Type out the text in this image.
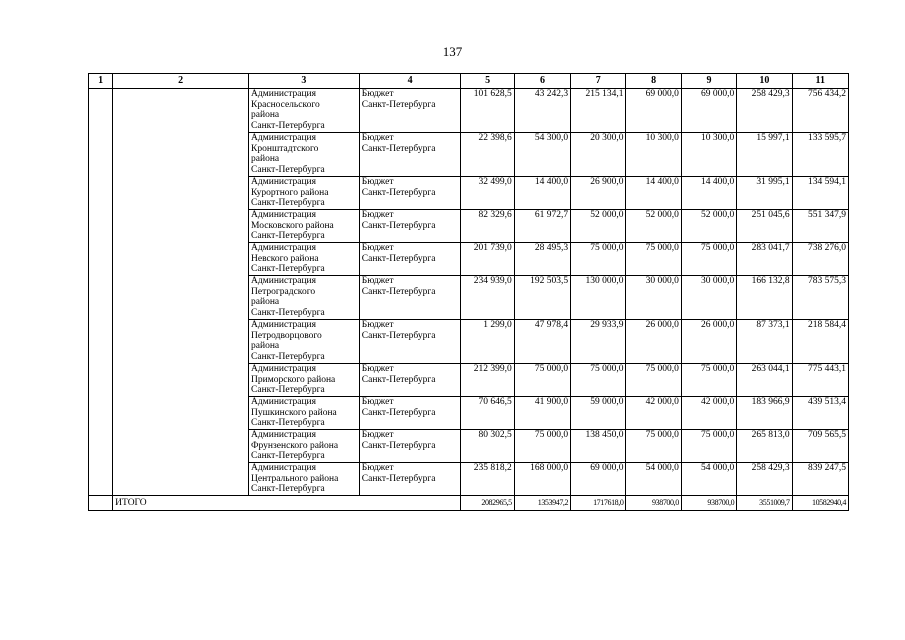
137
1	2	3	4	5	6	7	8	9	10	11
		Администрация
Красносельского
района
Санкт-Петербурга	Бюджет
Санкт-Петербурга	101 628,5	43 242,3	215 134,1	69 000,0	69 000,0	258 429,3	756 434,2
		Администрация
Кронштадтского
района
Санкт-Петербурга	Бюджет
Санкт-Петербурга	22 398,6	54 300,0	20 300,0	10 300,0	10 300,0	15 997,1	133 595,7
		Администрация
Курортного района
Санкт-Петербурга	Бюджет
Санкт-Петербурга	32 499,0	14 400,0	26 900,0	14 400,0	14 400,0	31 995,1	134 594,1
		Администрация
Московского района
Санкт-Петербурга	Бюджет
Санкт-Петербурга	82 329,6	61 972,7	52 000,0	52 000,0	52 000,0	251 045,6	551 347,9
		Администрация
Невского района
Санкт-Петербурга	Бюджет
Санкт-Петербурга	201 739,0	28 495,3	75 000,0	75 000,0	75 000,0	283 041,7	738 276,0
		Администрация
Петроградского
района
Санкт-Петербурга	Бюджет
Санкт-Петербурга	234 939,0	192 503,5	130 000,0	30 000,0	30 000,0	166 132,8	783 575,3
		Администрация
Петродворцового
района
Санкт-Петербурга	Бюджет
Санкт-Петербурга	1 299,0	47 978,4	29 933,9	26 000,0	26 000,0	87 373,1	218 584,4
		Администрация
Приморского района
Санкт-Петербурга	Бюджет
Санкт-Петербурга	212 399,0	75 000,0	75 000,0	75 000,0	75 000,0	263 044,1	775 443,1
		Администрация
Пушкинского района
Санкт-Петербурга	Бюджет
Санкт-Петербурга	70 646,5	41 900,0	59 000,0	42 000,0	42 000,0	183 966,9	439 513,4
		Администрация
Фрунзенского района
Санкт-Петербурга	Бюджет
Санкт-Петербурга	80 302,5	75 000,0	138 450,0	75 000,0	75 000,0	265 813,0	709 565,5
		Администрация
Центрального района
Санкт-Петербурга	Бюджет
Санкт-Петербурга	235 818,2	168 000,0	69 000,0	54 000,0	54 000,0	258 429,3	839 247,5
	ИТОГО			2082965,5	1353947,2	1717618,0	938700,0	938700,0	3551009,7	10582940,4
